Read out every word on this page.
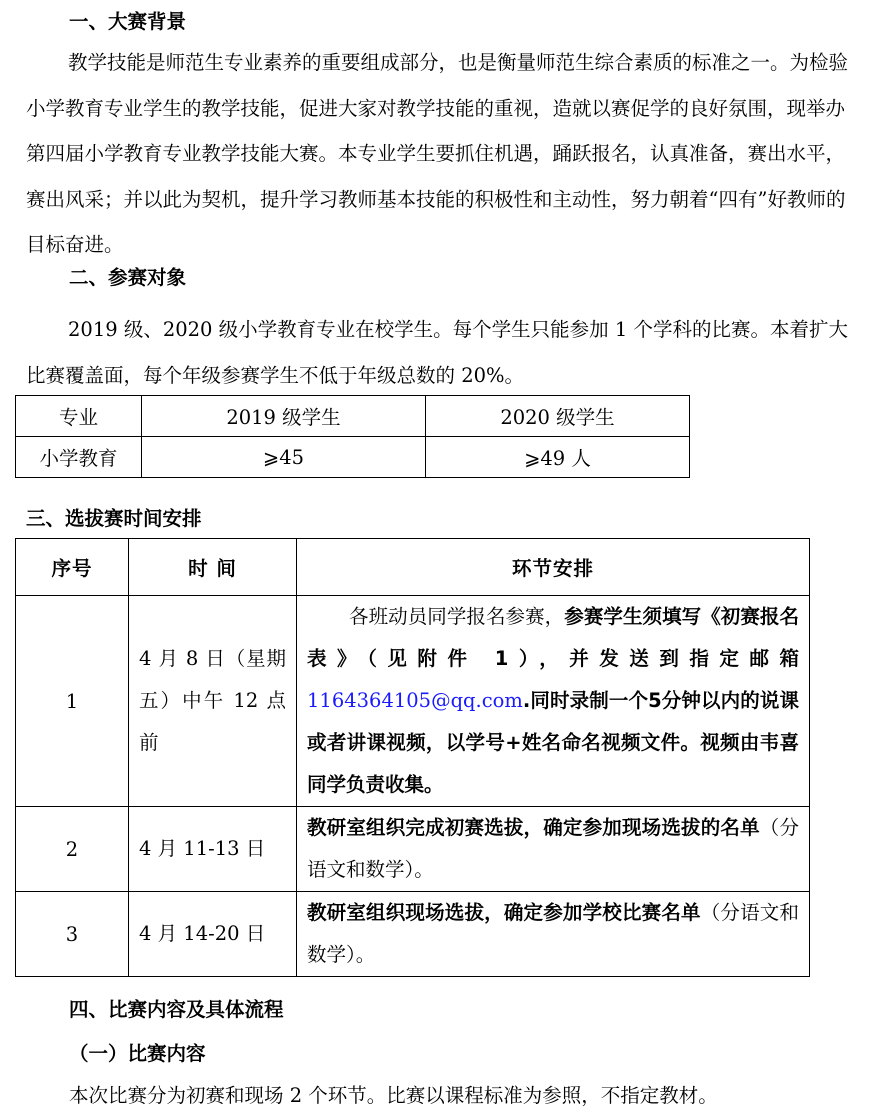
一、大赛背景
教学技能是师范生专业素养的重要组成部分，也是衡量师范生综合素质的标准之一。为检验小学教育专业学生的教学技能，促进大家对教学技能的重视，造就以赛促学的良好氛围，现举办第四届小学教育专业教学技能大赛。本专业学生要抓住机遇，踊跃报名，认真准备，赛出水平，赛出风采；并以此为契机，提升学习教师基本技能的积极性和主动性，努力朝着“四有”好教师的目标奋进。
二、参赛对象
2019 级、2020 级小学教育专业在校学生。每个学生只能参加 1 个学科的比赛。本着扩大比赛覆盖面，每个年级参赛学生不低于年级总数的 20%。
专业	2019 级学生	2020 级学生
小学教育	⩾45	⩾49 人
三、选拔赛时间安排
序号	时 间	环节安排
1	4 月 8 日（星期五）中午 12 点前	各班动员同学报名参赛，参赛学生须填写《初赛报名表》（见附件 1），并发送到指定邮箱1164364105@qq.com.同时录制一个5分钟以内的说课或者讲课视频，以学号+姓名命名视频文件。视频由韦喜同学负责收集。
2	4 月 11-13 日	教研室组织完成初赛选拔，确定参加现场选拔的名单（分语文和数学）。
3	4 月 14-20 日	教研室组织现场选拔，确定参加学校比赛名单（分语文和数学）。
四、比赛内容及具体流程
（一）比赛内容
本次比赛分为初赛和现场 2 个环节。比赛以课程标准为参照，不指定教材。
